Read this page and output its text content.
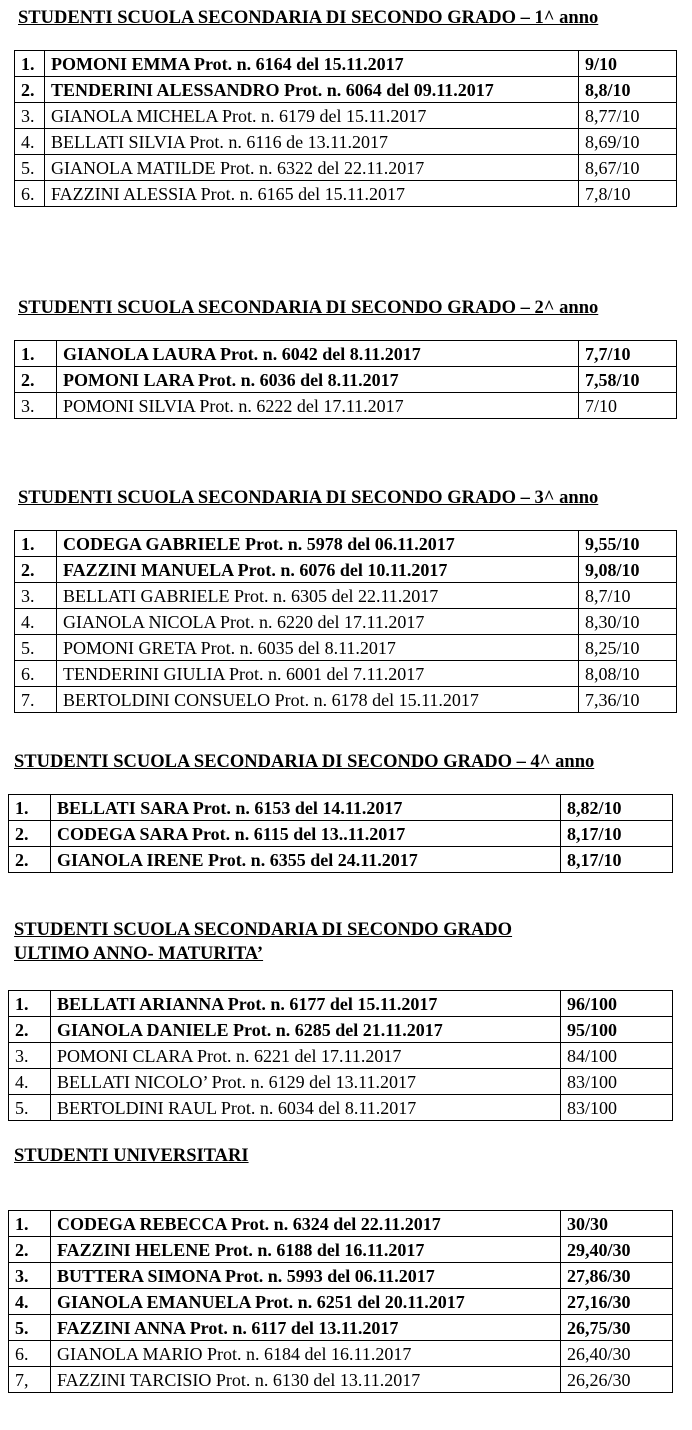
STUDENTI SCUOLA SECONDARIA DI SECONDO GRADO – 1^ anno
1.	POMONI EMMA Prot. n. 6164 del 15.11.2017	9/10
2.	TENDERINI ALESSANDRO Prot. n. 6064 del 09.11.2017	8,8/10
3.	GIANOLA MICHELA Prot. n. 6179 del 15.11.2017	8,77/10
4.	BELLATI SILVIA Prot. n. 6116 de 13.11.2017	8,69/10
5.	GIANOLA MATILDE Prot. n. 6322 del 22.11.2017	8,67/10
6.	FAZZINI ALESSIA Prot. n. 6165 del 15.11.2017	7,8/10
STUDENTI SCUOLA SECONDARIA DI SECONDO GRADO – 2^ anno
1.	GIANOLA LAURA Prot. n. 6042 del 8.11.2017	7,7/10
2.	POMONI LARA Prot. n. 6036 del 8.11.2017	7,58/10
3.	POMONI SILVIA Prot. n. 6222 del 17.11.2017	7/10
STUDENTI SCUOLA SECONDARIA DI SECONDO GRADO – 3^ anno
1.	CODEGA GABRIELE Prot. n. 5978 del 06.11.2017	9,55/10
2.	FAZZINI MANUELA Prot. n. 6076 del 10.11.2017	9,08/10
3.	BELLATI GABRIELE Prot. n. 6305 del 22.11.2017	8,7/10
4.	GIANOLA NICOLA Prot. n. 6220 del 17.11.2017	8,30/10
5.	POMONI GRETA Prot. n. 6035 del 8.11.2017	8,25/10
6.	TENDERINI GIULIA Prot. n. 6001 del 7.11.2017	8,08/10
7.	BERTOLDINI CONSUELO Prot. n. 6178 del 15.11.2017	7,36/10
STUDENTI SCUOLA SECONDARIA DI SECONDO GRADO – 4^ anno
1.	BELLATI SARA Prot. n. 6153 del 14.11.2017	8,82/10
2.	CODEGA SARA Prot. n. 6115 del 13..11.2017	8,17/10
2.	GIANOLA IRENE Prot. n. 6355 del 24.11.2017	8,17/10
STUDENTI SCUOLA SECONDARIA DI SECONDO GRADO
ULTIMO ANNO- MATURITA’
1.	BELLATI ARIANNA Prot. n. 6177 del 15.11.2017	96/100
2.	GIANOLA DANIELE Prot. n. 6285 del 21.11.2017	95/100
3.	POMONI CLARA Prot. n. 6221 del 17.11.2017	84/100
4.	BELLATI NICOLO’ Prot. n. 6129 del 13.11.2017	83/100
5.	BERTOLDINI RAUL Prot. n. 6034 del 8.11.2017	83/100
STUDENTI UNIVERSITARI
1.	CODEGA REBECCA Prot. n. 6324 del 22.11.2017	30/30
2.	FAZZINI HELENE Prot. n. 6188 del 16.11.2017	29,40/30
3.	BUTTERA SIMONA Prot. n. 5993 del 06.11.2017	27,86/30
4.	GIANOLA EMANUELA Prot. n. 6251 del 20.11.2017	27,16/30
5.	FAZZINI ANNA Prot. n. 6117 del 13.11.2017	26,75/30
6.	GIANOLA MARIO Prot. n. 6184 del 16.11.2017	26,40/30
7,	FAZZINI TARCISIO Prot. n. 6130 del 13.11.2017	26,26/30
